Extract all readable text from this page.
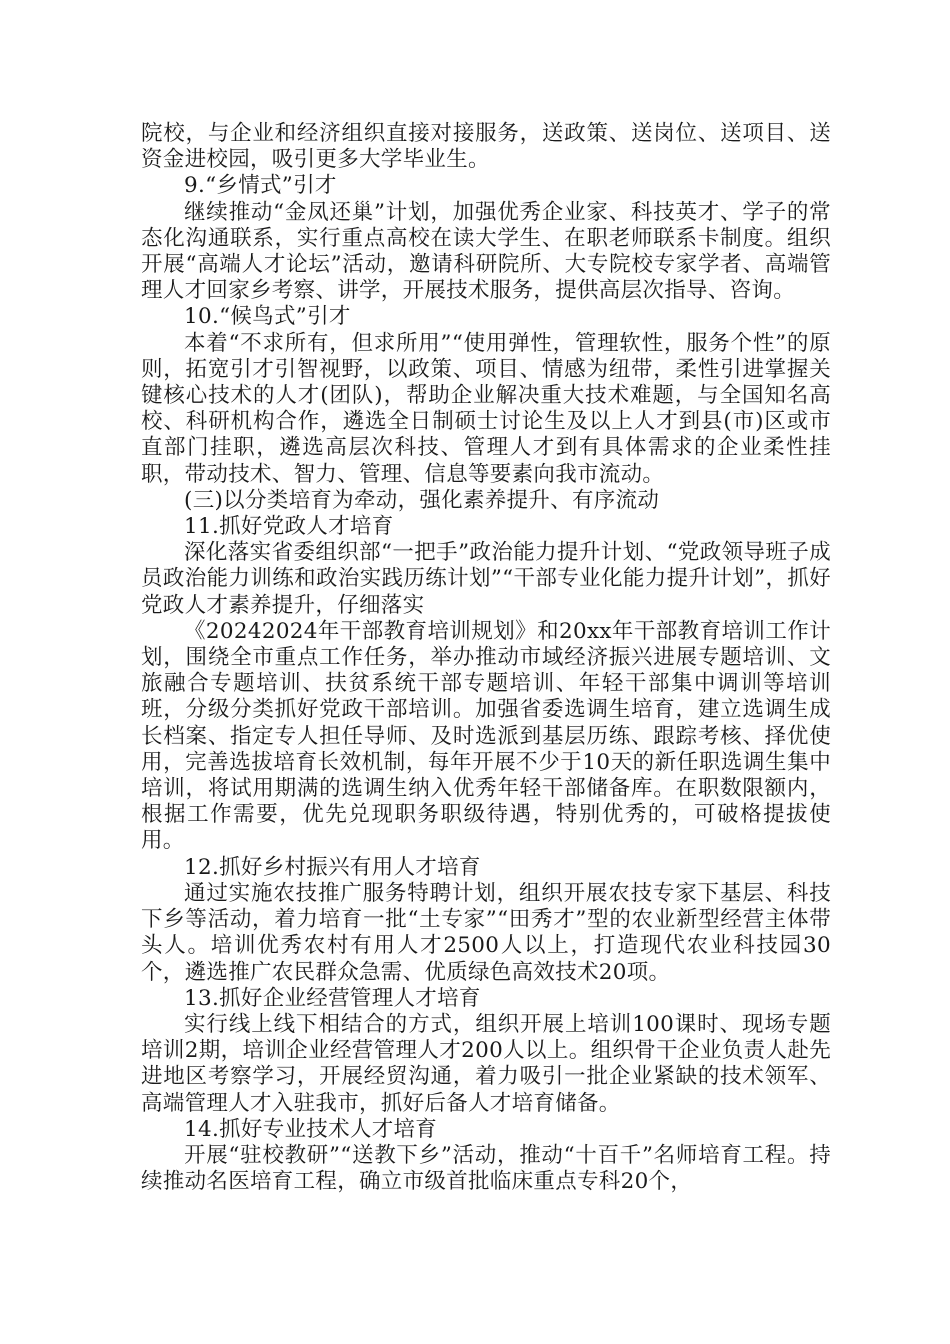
院校，与企业和经济组织直接对接服务，送政策、送岗位、送项目、送资金进校园，吸引更多大学毕业生。

9.“乡情式”引才

继续推动“金凤还巢”计划，加强优秀企业家、科技英才、学子的常态化沟通联系，实行重点高校在读大学生、在职老师联系卡制度。组织开展“高端人才论坛”活动，邀请科研院所、大专院校专家学者、高端管理人才回家乡考察、讲学，开展技术服务，提供高层次指导、咨询。

10.“候鸟式”引才

本着“不求所有，但求所用”“使用弹性，管理软性，服务个性”的原则，拓宽引才引智视野，以政策、项目、情感为纽带，柔性引进掌握关键核心技术的人才(团队)，帮助企业解决重大技术难题，与全国知名高校、科研机构合作，遴选全日制硕士讨论生及以上人才到县(市)区或市直部门挂职，遴选高层次科技、管理人才到有具体需求的企业柔性挂职，带动技术、智力、管理、信息等要素向我市流动。

(三)以分类培育为牵动，强化素养提升、有序流动

11.抓好党政人才培育

深化落实省委组织部“一把手”政治能力提升计划、“党政领导班子成员政治能力训练和政治实践历练计划”“干部专业化能力提升计划”，抓好党政人才素养提升，仔细落实

《20242024年干部教育培训规划》和20xx年干部教育培训工作计划，围绕全市重点工作任务，举办推动市域经济振兴进展专题培训、文旅融合专题培训、扶贫系统干部专题培训、年轻干部集中调训等培训班，分级分类抓好党政干部培训。加强省委选调生培育，建立选调生成长档案、指定专人担任导师、及时选派到基层历练、跟踪考核、择优使用，完善选拔培育长效机制，每年开展不少于10天的新任职选调生集中培训，将试用期满的选调生纳入优秀年轻干部储备库。在职数限额内，根据工作需要，优先兑现职务职级待遇，特别优秀的，可破格提拔使用。

12.抓好乡村振兴有用人才培育

通过实施农技推广服务特聘计划，组织开展农技专家下基层、科技下乡等活动，着力培育一批“土专家”“田秀才”型的农业新型经营主体带头人。培训优秀农村有用人才2500人以上，打造现代农业科技园30个，遴选推广农民群众急需、优质绿色高效技术20项。

13.抓好企业经营管理人才培育

实行线上线下相结合的方式，组织开展上培训100课时、现场专题培训2期，培训企业经营管理人才200人以上。组织骨干企业负责人赴先进地区考察学习，开展经贸沟通，着力吸引一批企业紧缺的技术领军、高端管理人才入驻我市，抓好后备人才培育储备。

14.抓好专业技术人才培育

开展“驻校教研”“送教下乡”活动，推动“十百千”名师培育工程。持续推动名医培育工程，确立市级首批临床重点专科20个，
